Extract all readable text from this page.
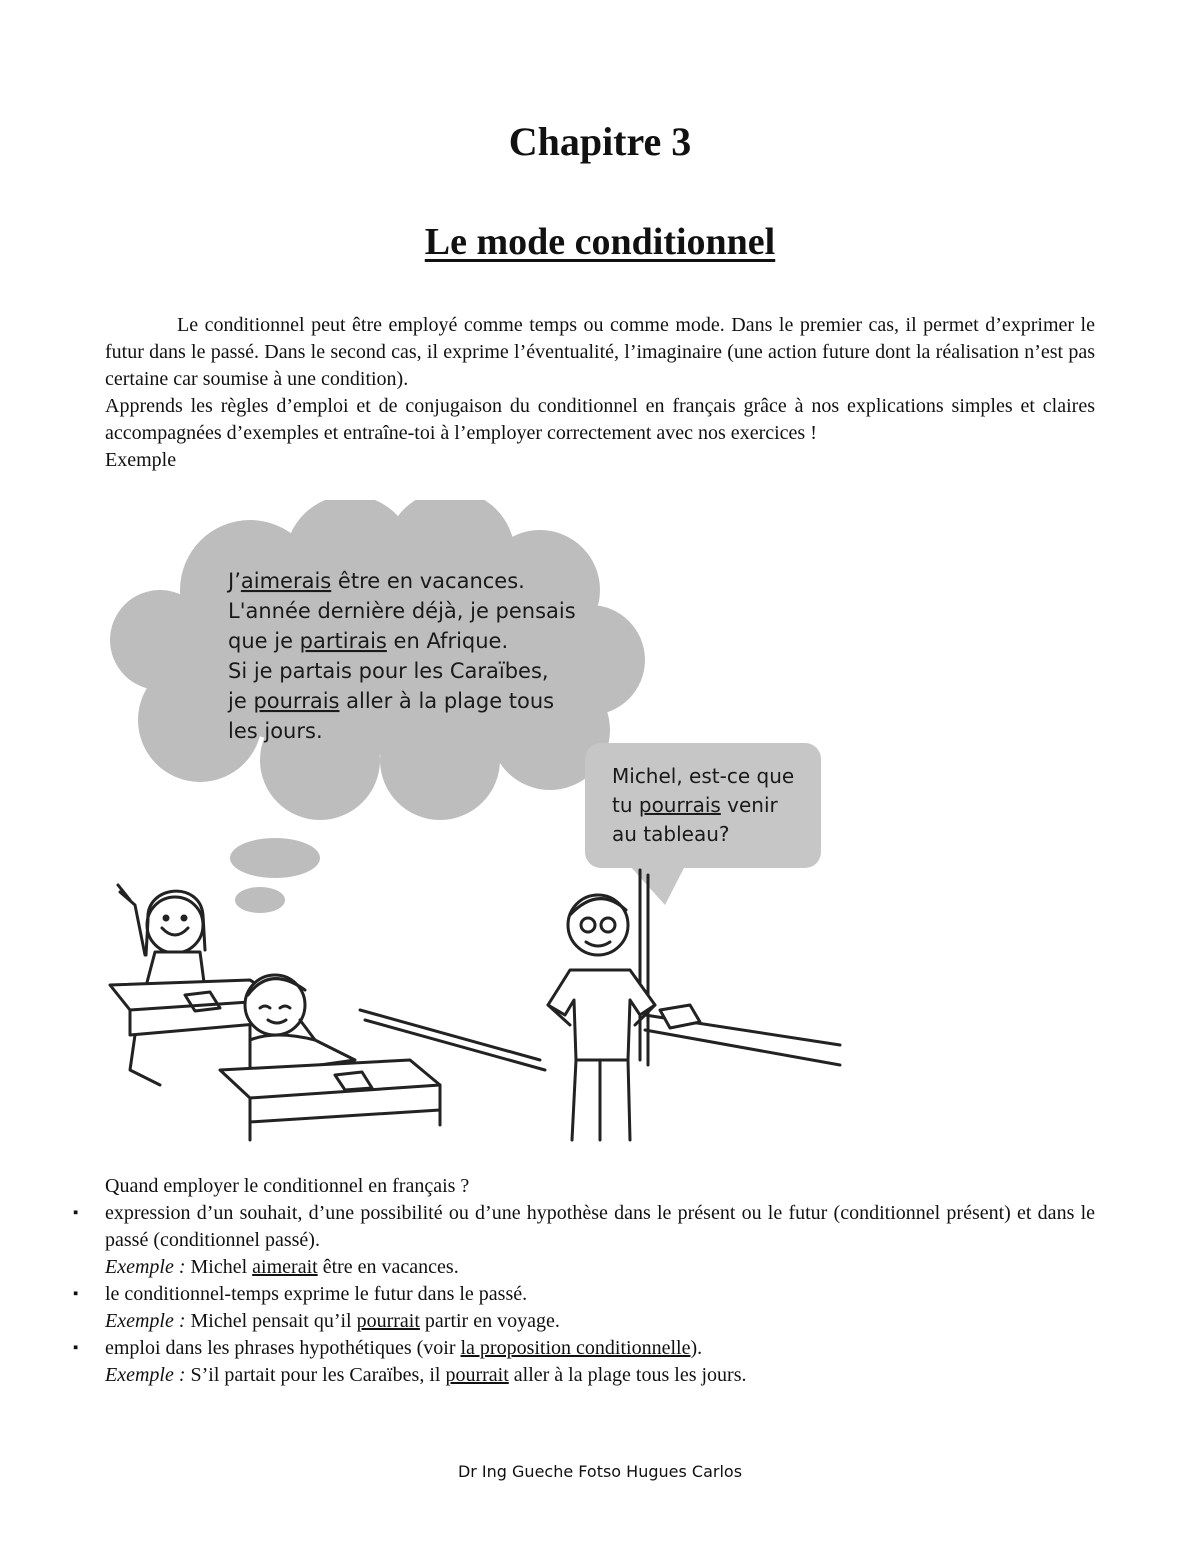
Chapitre 3
Le mode conditionnel

Le conditionnel peut être employé comme temps ou comme mode. Dans le premier cas, il permet d’exprimer le futur dans le passé. Dans le second cas, il exprime l’éventualité, l’imaginaire (une action future dont la réalisation n’est pas certaine car soumise à une condition).

Apprends les règles d’emploi et de conjugaison du conditionnel en français grâce à nos explications simples et claires accompagnées d’exemples et entraîne-toi à l’employer correctement avec nos exercices !

Exemple

J’aimerais être en vacances.
L'année dernière déjà, je pensais
que je partirais en Afrique.
Si je partais pour les Caraïbes,
je pourrais aller à la plage tous
les jours.
Michel, est-ce que
tu pourrais venir
au tableau?

Quand employer le conditionnel en français ?

▪ expression d’un souhait, d’une possibilité ou d’une hypothèse dans le présent ou le futur (conditionnel présent) et dans le passé (conditionnel passé).
Exemple : Michel aimerait être en vacances.
▪ le conditionnel-temps exprime le futur dans le passé.
Exemple : Michel pensait qu’il pourrait partir en voyage.
▪ emploi dans les phrases hypothétiques (voir la proposition conditionnelle).
Exemple : S’il partait pour les Caraïbes, il pourrait aller à la plage tous les jours.
Dr Ing Gueche Fotso Hugues Carlos
